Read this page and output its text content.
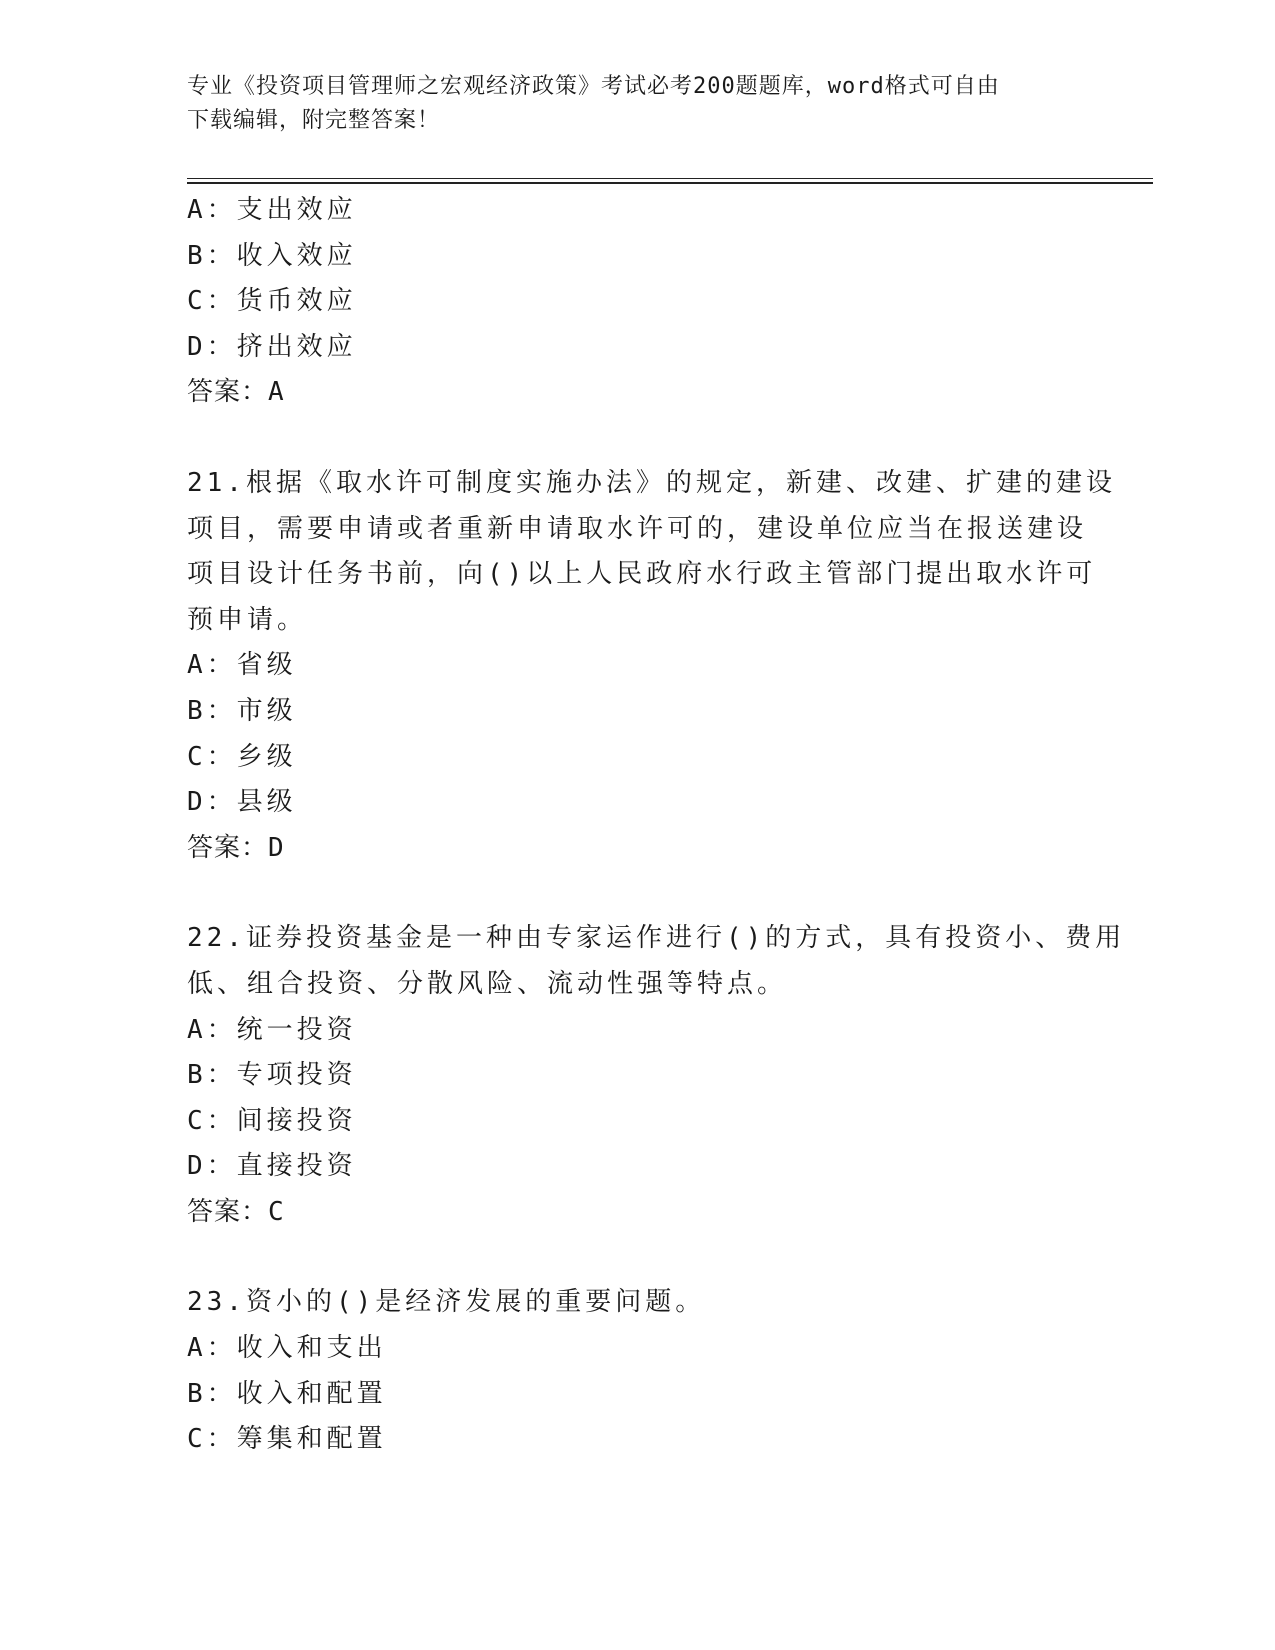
专业《投资项目管理师之宏观经济政策》考试必考200题题库，word格式可自由
下载编辑，附完整答案！
A：支出效应
B：收入效应
C：货币效应
D：挤出效应
答案：A
21.根据《取水许可制度实施办法》的规定，新建、改建、扩建的建设
项目，需要申请或者重新申请取水许可的，建设单位应当在报送建设
项目设计任务书前，向()以上人民政府水行政主管部门提出取水许可
预申请。
A：省级
B：市级
C：乡级
D：县级
答案：D
22.证券投资基金是一种由专家运作进行()的方式，具有投资小、费用
低、组合投资、分散风险、流动性强等特点。
A：统一投资
B：专项投资
C：间接投资
D：直接投资
答案：C
23.资小的()是经济发展的重要问题。
A：收入和支出
B：收入和配置
C：筹集和配置
